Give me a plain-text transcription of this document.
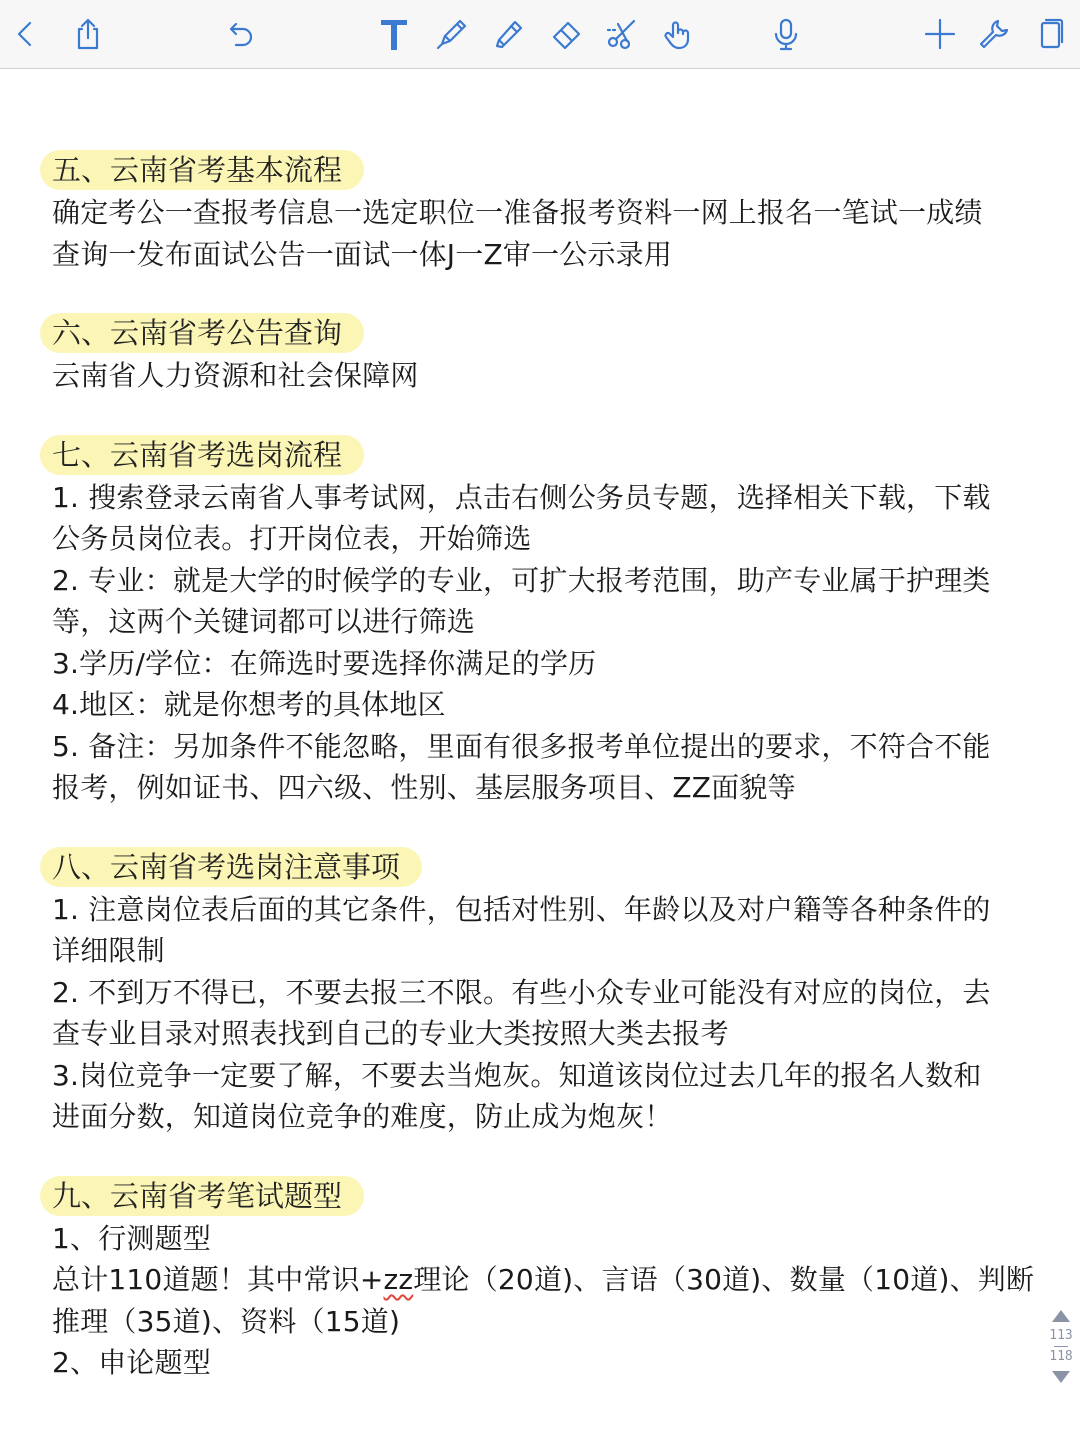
五、云南省考基本流程

确定考公一查报考信息一选定职位一准备报考资料一网上报名一笔试一成绩

查询一发布面试公告一面试一体J一Z审一公示录用

六、云南省考公告查询

云南省人力资源和社会保障网

七、云南省考选岗流程

1. 搜索登录云南省人事考试网，点击右侧公务员专题，选择相关下载，下载

公务员岗位表。打开岗位表，开始筛选

2. 专业：就是大学的时候学的专业，可扩大报考范围，助产专业属于护理类

等，这两个关键词都可以进行筛选

3.学历/学位：在筛选时要选择你满足的学历

4.地区：就是你想考的具体地区

5. 备注：另加条件不能忽略，里面有很多报考单位提出的要求，不符合不能

报考，例如证书、四六级、性别、基层服务项目、ZZ面貌等

八、云南省考选岗注意事项

1. 注意岗位表后面的其它条件，包括对性别、年龄以及对户籍等各种条件的

详细限制

2. 不到万不得已，不要去报三不限。有些小众专业可能没有对应的岗位，去

查专业目录对照表找到自己的专业大类按照大类去报考

3.岗位竞争一定要了解，不要去当炮灰。知道该岗位过去几年的报名人数和

进面分数，知道岗位竞争的难度，防止成为炮灰！

九、云南省考笔试题型

1、行测题型

总计110道题！其中常识+zz理论（20道)、言语（30道)、数量（10道)、判断

推理（35道)、资料（15道)

2、申论题型

113
118
